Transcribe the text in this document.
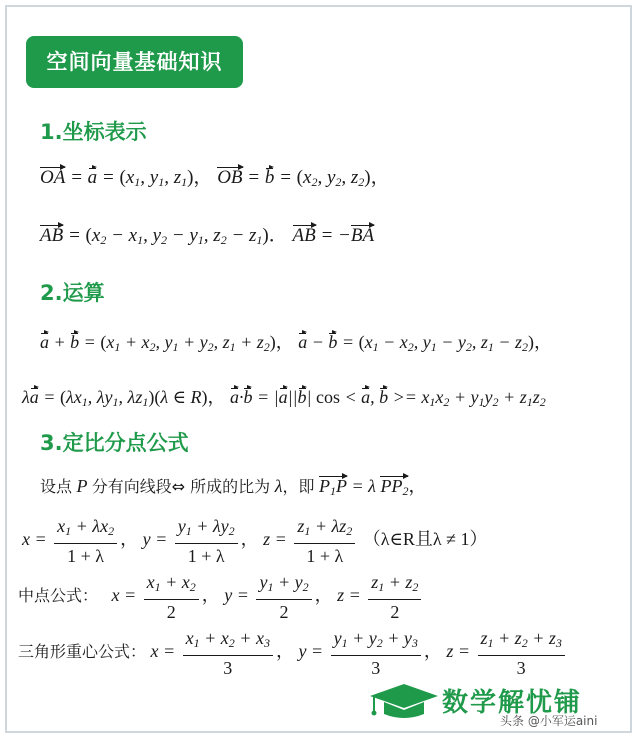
空间向量基础知识
1.坐标表示
OA = $a = (x_1$, $y_1$, $z_1$)， OB = $b = (x_2$, $y_2$, $z_2$)，
AB = ($x_2 - x_1$, $y_2 - y_1$, $z_2 - z_1$)． AB = −BA
2.运算
$a + b = (x_1 + x_2$, $y_1 + y_2$, $z_1 + z_2$)， $a - b = (x_1 - x_2$, $y_1 - y_2$, $z_1 - z_2$)，
$\lambda a = (\lambda x_1$, $\lambda y_1$, $\lambda z_1)(\lambda$ ∈ R)， a·b = |a||b| cos < a, $b >= x_1x_2 + y_1y_2 + z_1z_2$
3.定比分点公式
设点 P 分有向线段⇔ 所成的比为 λ，即 $P_1P = \lambda$ $PP_2$，
$x = \frac{x_1 + \lambda x_2}{1 + \lambda}$ ， $y = \frac{y_1 + \lambda y_2}{1 + \lambda}$ ， $z = \frac{z_1 + \lambda z_2}{1 + \lambda}$ （λ∈R且λ ≠ 1）
中点公式：   $x = \frac{x_1 + x_2}{2}$ ， $y = \frac{y_1 + y_2}{2}$ ， $z = \frac{z_1 + z_2}{2}$
三角形重心公式： $x = \frac{x_1 + x_2 + x_3}{3}$ ， $y = \frac{y_1 + y_2 + y_3}{3}$ ， $z = \frac{z_1 + z_2 + z_3}{3}$
数学解忧铺
头条 @小军运aini
